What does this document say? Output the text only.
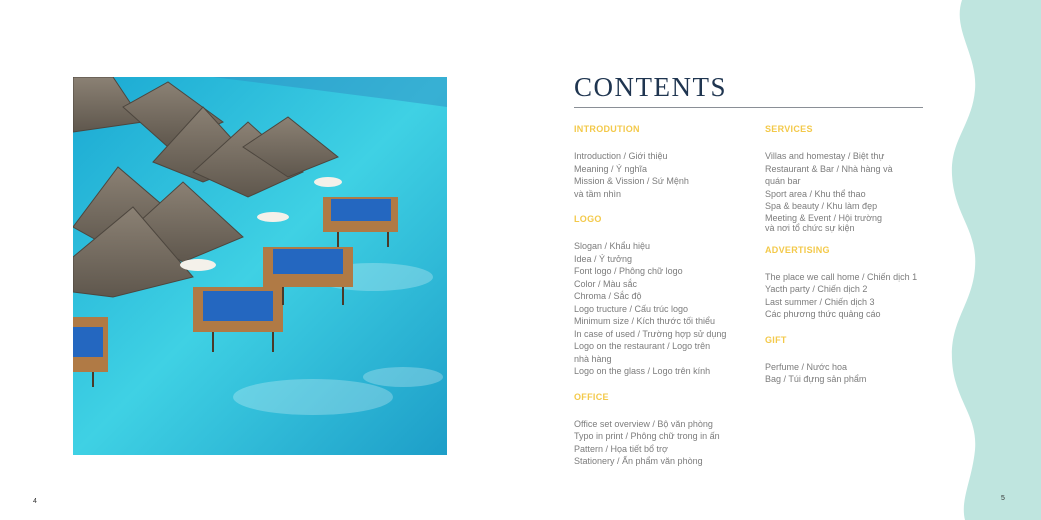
CONTENTS

INTRODUTION

Introduction / Giới thiệu

Meaning / Ý nghĩa

Mission & Vission / Sứ Mệnh

và tầm nhìn

LOGO

Slogan / Khẩu hiệu

Idea / Ý tưởng

Font logo / Phông chữ logo

Color / Màu sắc

Chroma / Sắc độ

Logo tructure / Cấu trúc logo

Minimum size / Kích thước tối thiểu

In case of used / Trường hợp sử dụng

Logo on the restaurant / Logo trên

nhà hàng

Logo on the glass / Logo trên kính

OFFICE

Office set overview / Bộ văn phòng

Typo in print / Phông chữ trong in ấn

Pattern / Họa tiết bổ trợ

Stationery / Ấn phẩm văn phòng

SERVICES

Villas and homestay / Biệt thự

Restaurant & Bar / Nhà hàng và

quán bar

Sport area / Khu thể thao

Spa & beauty / Khu làm đẹp

Meeting & Event / Hội trường

và nơi tổ chức sự kiện

ADVERTISING

The place we call home / Chiến dịch 1

Yacth party / Chiến dịch 2

Last summer / Chiến dịch 3

Các phương thức quảng cáo

GIFT

Perfume / Nước hoa

Bag / Túi đựng sản phẩm

4	5
